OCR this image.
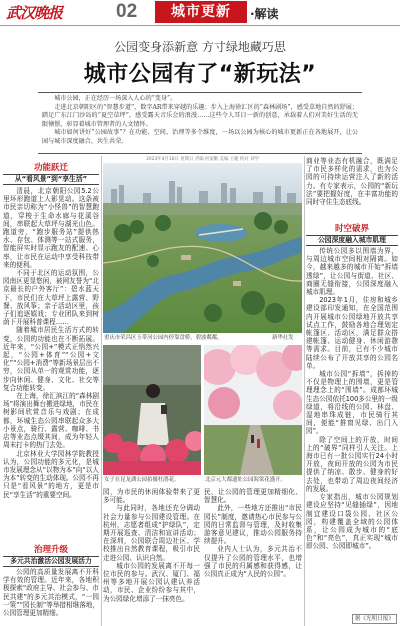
武汉晚报	02	城市更新	·解读
公园变身添新意 方寸绿地藏巧思
城市公园有了“新玩法”

城市公园，正在经历一场深入人心的“变身”。

走进北京朝阳区的“智慧步道”，数字AR带来穿越的乐趣；步入上海徐汇区的“森林剧场”，感受草地自然的舒展；踏足广东江门沙岛的“夏空草坪”，感受露天音乐会的浪漫……这些令人耳目一新的创意，承载着人们对美好生活的无限憧憬，彰显着城市管理者的人文情怀。

城市如何讲好“公园故事”？在功能、空间、治理等多个维度，一场以公园为核心的城市更新正在各地展开，让公园与城市深度融合、共生共荣。

功能跃迁
从“看风景”到“享生活”

清晨，北京朝阳公园5.2公里环形跑道上人影晃动。这条被市民亲切称为“小怪兽”的智慧跑道，穿梭于生命水廊与花溪谷间，串联起大草坪与湖光山色。跑道旁，“跑步服务站”提供热水、存包、体测等一站式服务，智能屏实时显示跑友的配速、心率，让市民在运动中享受科技带来的便利。

不同于北区的运动氛围，公园南区更显悠闲，被网友誉为“北京最长的户外客厅”：碧水蓝天下，市民们在大草坪上露营、野餐、放风筝；亲子活动区里，孩子们追逐嬉戏；专业团队来到树荫下开展科普课程……

随着城市居民生活方式的转变，公园的功能也在不断拓展。近年来，“公园+”模式正悄然兴起，“公园+体育”“公园+文化”“公园+消费”等新场景层出不穷，公园从单一的观赏功能，逐步向休闲、健身、文化、社交等复合功能转变。

在上海，徐汇滨江的“森林剧场”将演出舞台搬进绿地，市民在树影间欣赏音乐与戏剧；在成都，环城生态公园串联起众多大小景点，骑行、露营、咖啡、书店等业态点缀其间，成为年轻人周末打卡的热门去处。

北京林业大学园林学院教授认为，公园功能的多元化，是城市发展理念从“以物为本”向“以人为本”转变的生动体现。公园不再只是“看风景”的地方，更是市民“享生活”的重要空间。

治理升级
多元共治激活公园发展活力

公园的高质量发展离不开科学有效的管理。近年来，各地积极探索“政府主导、社会参与、市民共建”的多元共治模式，“一园一策”“园长制”等举措相继落地，公园管理更加精细。

2023年4月16日 星期日 责编 何家勤 美编 王婕 校对 刘学
重庆市荣昌区玉带河公园内停靠盘桥，碧波粼粼。	新华社发
女子在昆龙湖公园拍摄杜鹃花。	北京元大都遗址公园海棠花盛开。

园，为市民的休闲体验带来了更多可能。

与此同时，各地还充分调动社会力量参与公园建设管理。在杭州，志愿者组成“护绿队”，定期开展巡查、清洁和宣讲活动；在深圳，公园联合周边社区、学校推出自然教育课程，吸引市民走进公园、认识自然。

城市公园的发展离不开每一位市民的参与。武汉、厦门、福州等多地开展公园认建认养活动，市民、企业纷纷参与其中，为公园绿化增添了一抹亮色。

民，让公园的管理更加精细化、智慧化。

此外，一些地方还推出“市民园长”制度，邀请热心市民参与公园的日常监督与管理，及时收集游客意见建议，推动公园服务持续提升。

业内人士认为，多元共治不仅提升了公园的管理水平，也增强了市民的归属感和获得感，让公园真正成为“人民的公园”。

商业等业态有机融合，既满足了市民多样化的需求，也为公园的可持续运营注入了新的活力。有专家表示，公园的“新玩法”要把握好度，在丰富功能的同时守住生态底线。

时空破界
公园深度融入城市肌理

传统公园多以围墙为界，与周边城市空间相对隔离。如今，越来越多的城市开始“拆墙透绿”，让公园与街道、社区、商圈无缝衔接，公园深度融入城市肌理。

2023年1月，住房和城乡建设部印发通知，在全国范围内开展城市公园绿地开放共享试点工作，鼓励各地合理划定帐篷区、活动区，满足群众搭建帐篷、运动健身、休闲游憩等需求。目前，已有不少城市陆续公布了开放共享的公园名单。

城市公园“拆墙”，拆掉的不仅是物理上的围墙，更是管理理念上的“围墙”。成都环城生态公园依托100多公里的一级绿道，将沿线的公园、林盘、湿地串珠成链，市民骑行其间，便能“推窗见绿、出门入园”。

除了空间上的开放，时间上的“破界”同样引人关注。上海市已有一批公园实行24小时开放，夜间开放的公园为市民提供了纳凉、散步、健身的好去处，也带动了周边夜间经济的发展。

专家指出，城市公园规划建设应坚持“见缝插绿”，因地制宜建设口袋公园、社区公园，构建覆盖全域的公园体系，让公园成为城市的“底色”和“亮色”，真正实现“城市即公园、公园即城市”。

据《光明日报》
